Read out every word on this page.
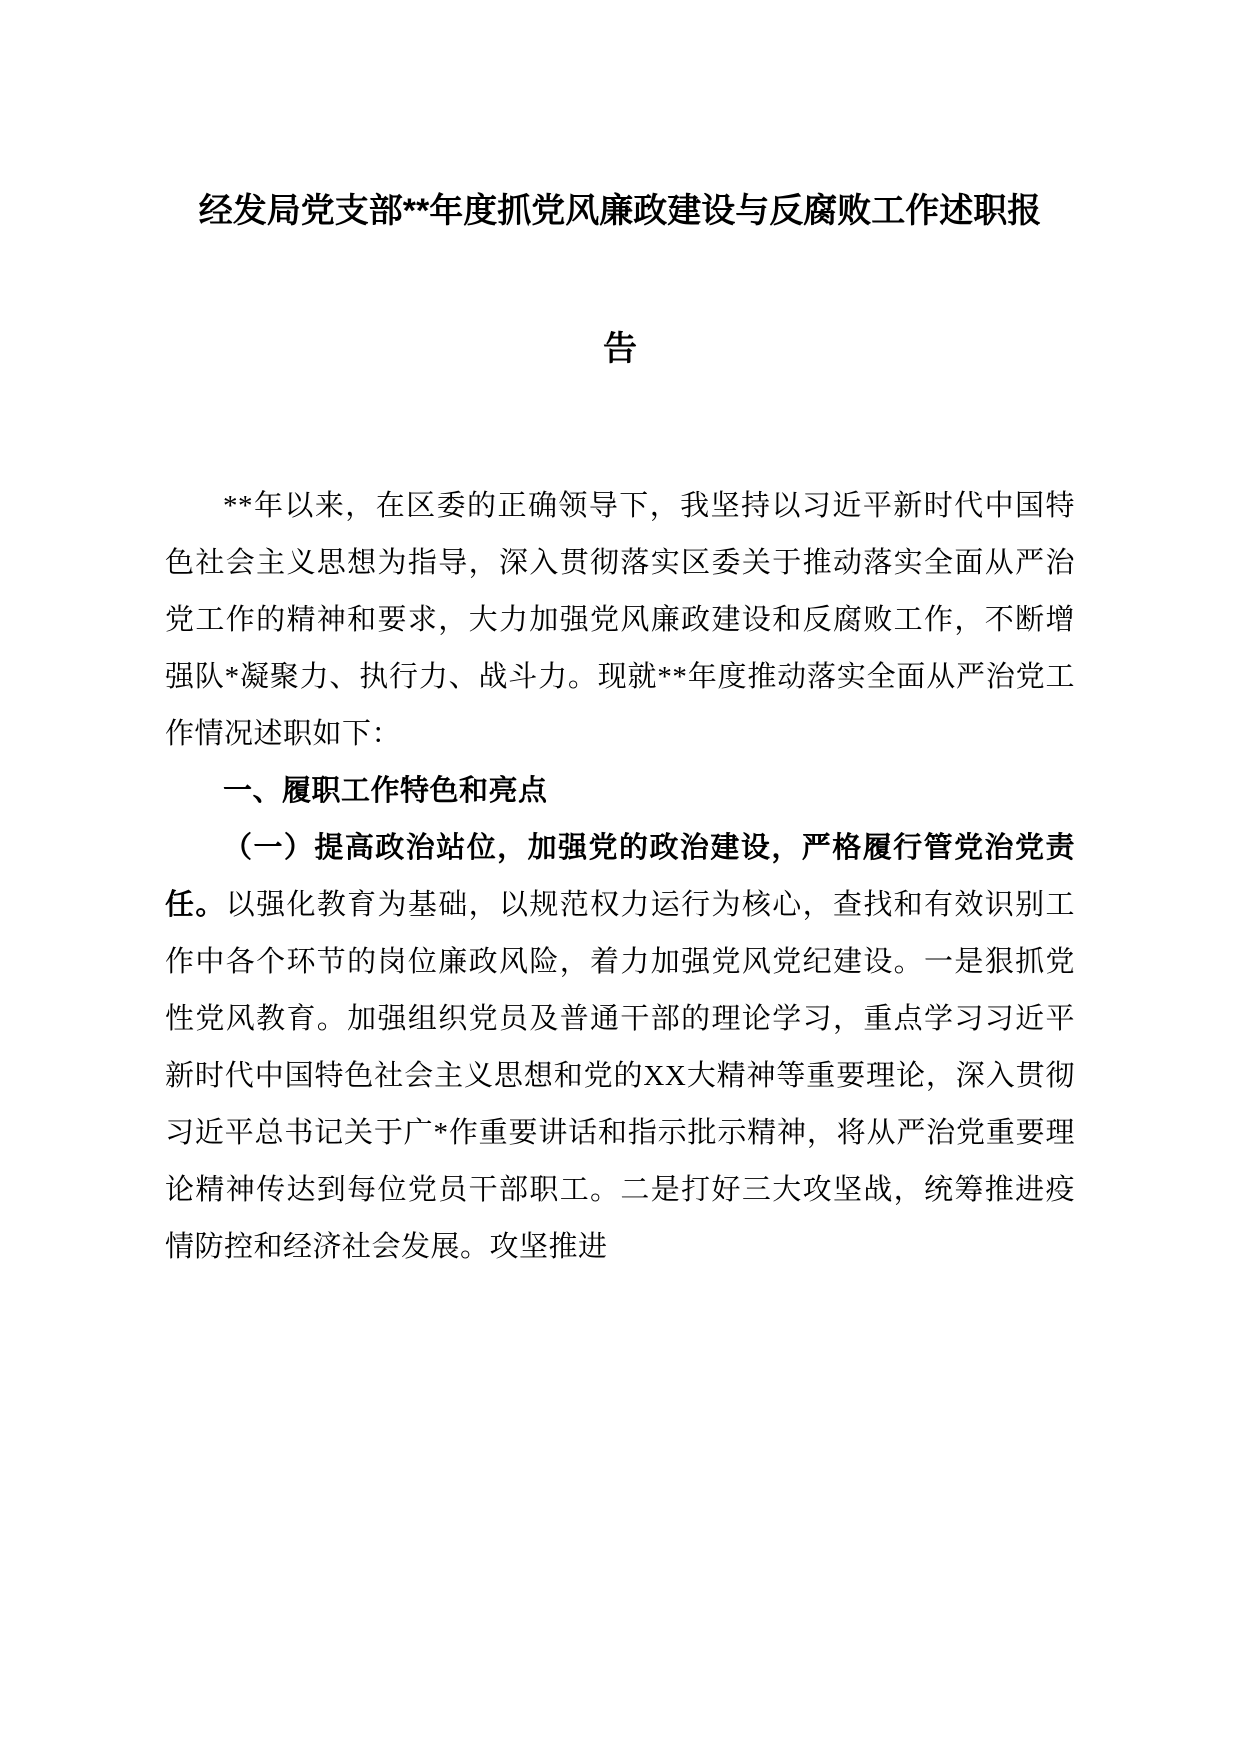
经发局党支部**年度抓党风廉政建设与反腐败工作述职报
告

**年以来，在区委的正确领导下，我坚持以习近平新时代中国特色社会主义思想为指导，深入贯彻落实区委关于推动落实全面从严治党工作的精神和要求，大力加强党风廉政建设和反腐败工作，不断增强队*凝聚力、执行力、战斗力。现就**年度推动落实全面从严治党工作情况述职如下：

一、履职工作特色和亮点

（一）提高政治站位，加强党的政治建设，严格履行管党治党责任。以强化教育为基础，以规范权力运行为核心，查找和有效识别工作中各个环节的岗位廉政风险，着力加强党风党纪建设。一是狠抓党性党风教育。加强组织党员及普通干部的理论学习，重点学习习近平新时代中国特色社会主义思想和党的XX大精神等重要理论，深入贯彻习近平总书记关于广*作重要讲话和指示批示精神，将从严治党重要理论精神传达到每位党员干部职工。二是打好三大攻坚战，统筹推进疫情防控和经济社会发展。攻坚推进
